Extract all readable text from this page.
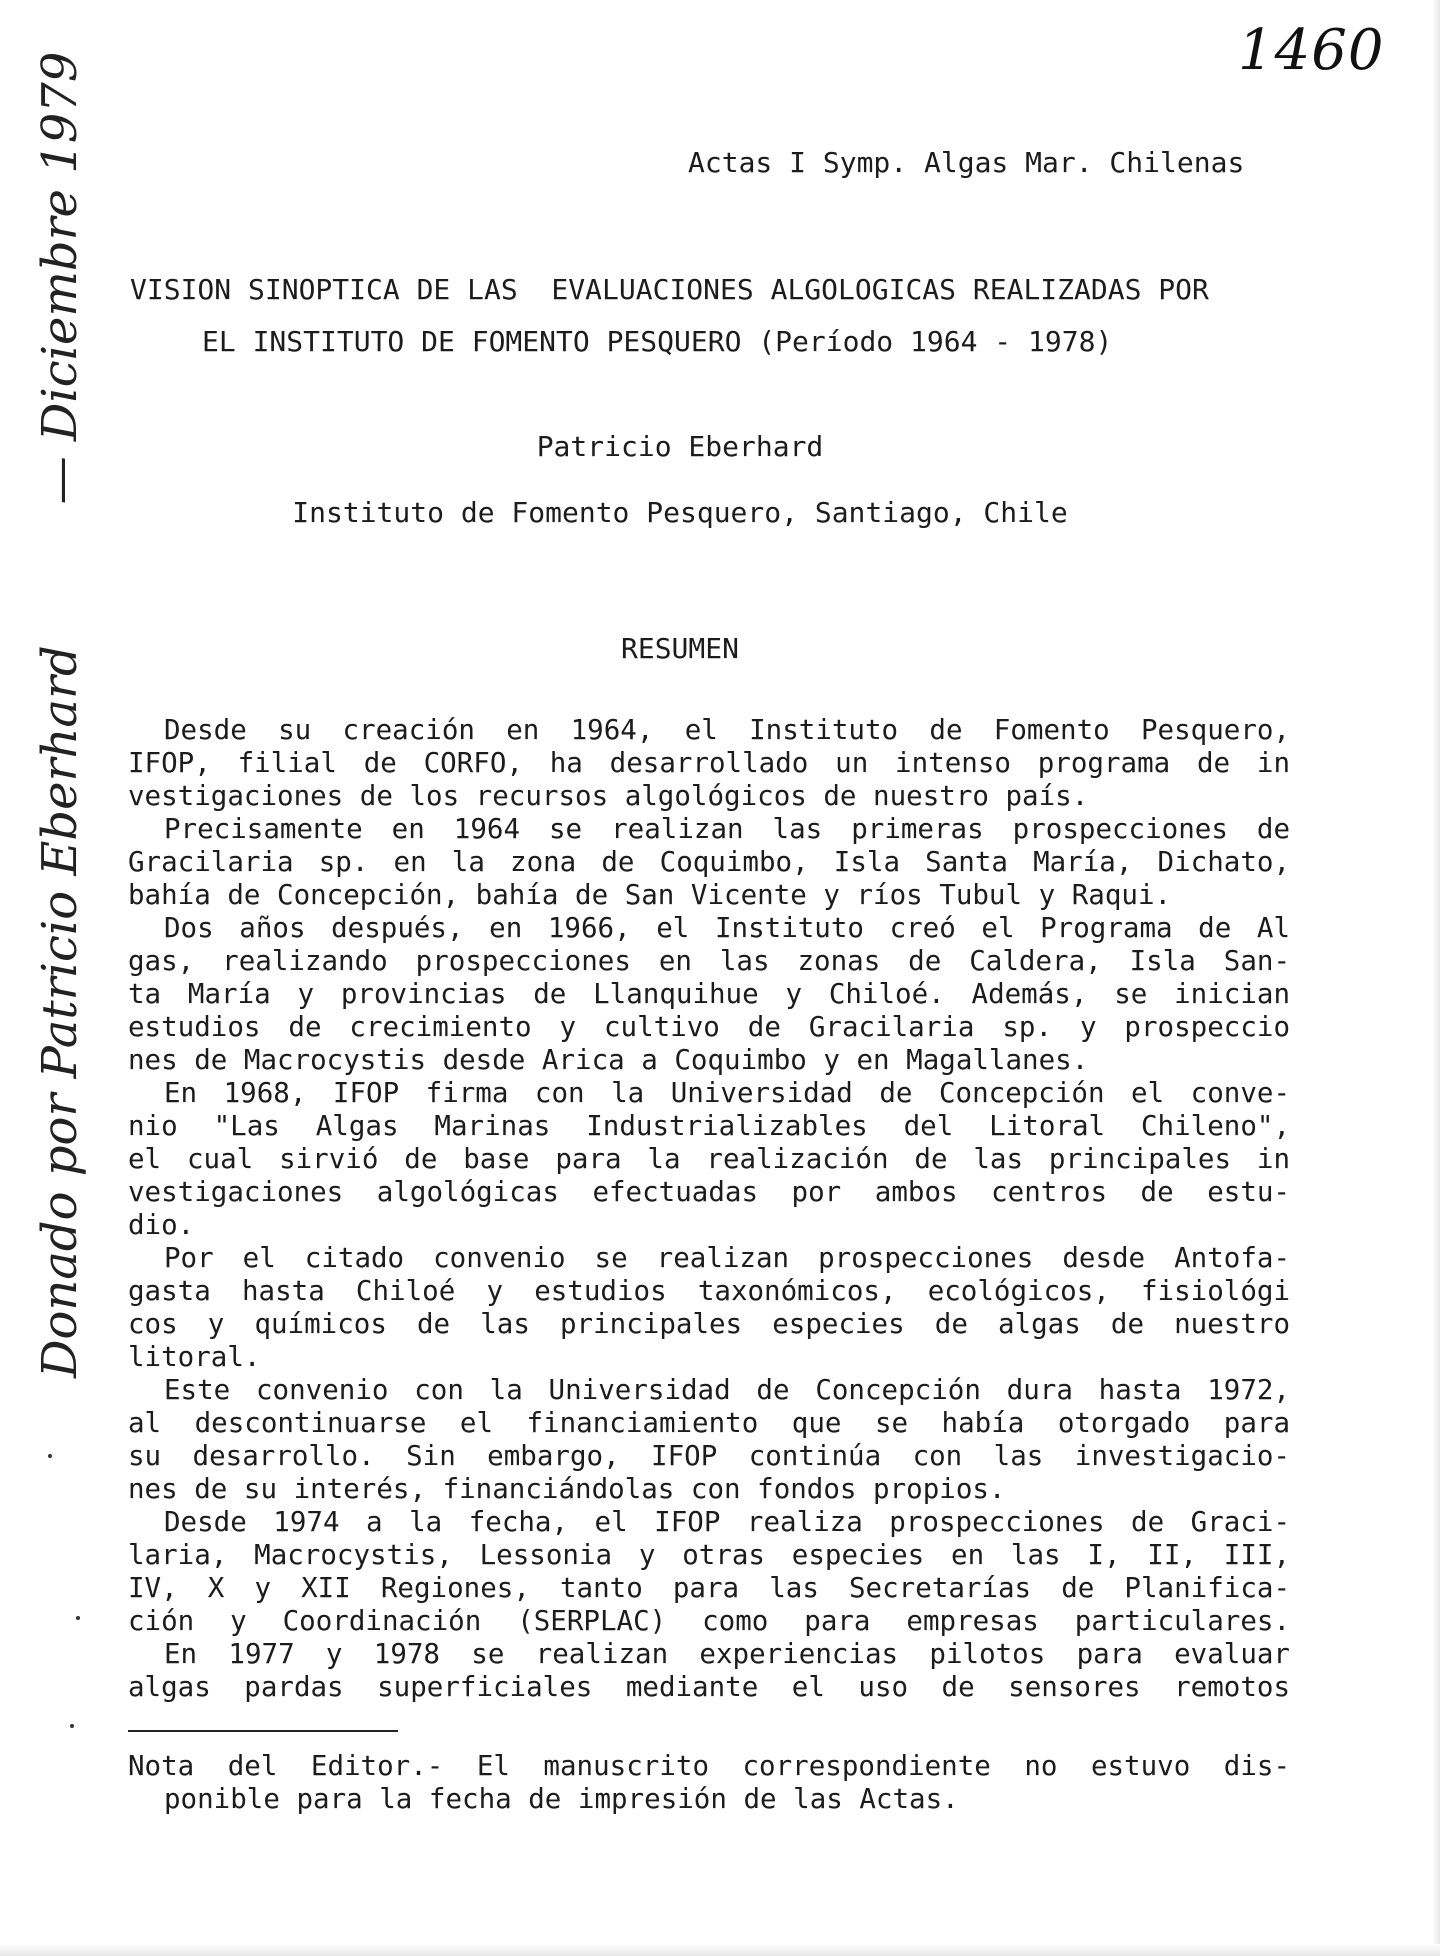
1460
— Diciembre 1979
Donado por Patricio Eberhard
Actas I Symp. Algas Mar. Chilenas
VISION SINOPTICA DE LAS  EVALUACIONES ALGOLOGICAS REALIZADAS POR
EL INSTITUTO DE FOMENTO PESQUERO (Período 1964 - 1978)
Patricio Eberhard
Instituto de Fomento Pesquero, Santiago, Chile
RESUMEN
Desde su creación en 1964, el Instituto de Fomento Pesquero,
IFOP, filial de CORFO, ha desarrollado un intenso programa de in
vestigaciones de los recursos algológicos de nuestro país.
Precisamente en 1964 se realizan las primeras prospecciones de
Gracilaria sp. en la zona de Coquimbo, Isla Santa María, Dichato,
bahía de Concepción, bahía de San Vicente y ríos Tubul y Raqui.
Dos años después, en 1966, el Instituto creó el Programa de Al
gas, realizando prospecciones en las zonas de Caldera, Isla San-
ta María y provincias de Llanquihue y Chiloé. Además, se inician
estudios de crecimiento y cultivo de Gracilaria sp. y prospeccio
nes de Macrocystis desde Arica a Coquimbo y en Magallanes.
En 1968, IFOP firma con la Universidad de Concepción el conve-
nio "Las Algas Marinas Industrializables del Litoral Chileno",
el cual sirvió de base para la realización de las principales in
vestigaciones algológicas efectuadas por ambos centros de estu-
dio.
Por el citado convenio se realizan prospecciones desde Antofa-
gasta hasta Chiloé y estudios taxonómicos, ecológicos, fisiológi
cos y químicos de las principales especies de algas de nuestro
litoral.
Este convenio con la Universidad de Concepción dura hasta 1972,
al descontinuarse el financiamiento que se había otorgado para
su desarrollo. Sin embargo, IFOP continúa con las investigacio-
nes de su interés, financiándolas con fondos propios.
Desde 1974 a la fecha, el IFOP realiza prospecciones de Graci-
laria, Macrocystis, Lessonia y otras especies en las I, II, III,
IV, X y XII Regiones, tanto para las Secretarías de Planifica-
ción y Coordinación (SERPLAC) como para empresas particulares.
En 1977 y 1978 se realizan experiencias pilotos para evaluar
algas pardas superficiales mediante el uso de sensores remotos
Nota del Editor.- El manuscrito correspondiente no estuvo dis-
ponible para la fecha de impresión de las Actas.
